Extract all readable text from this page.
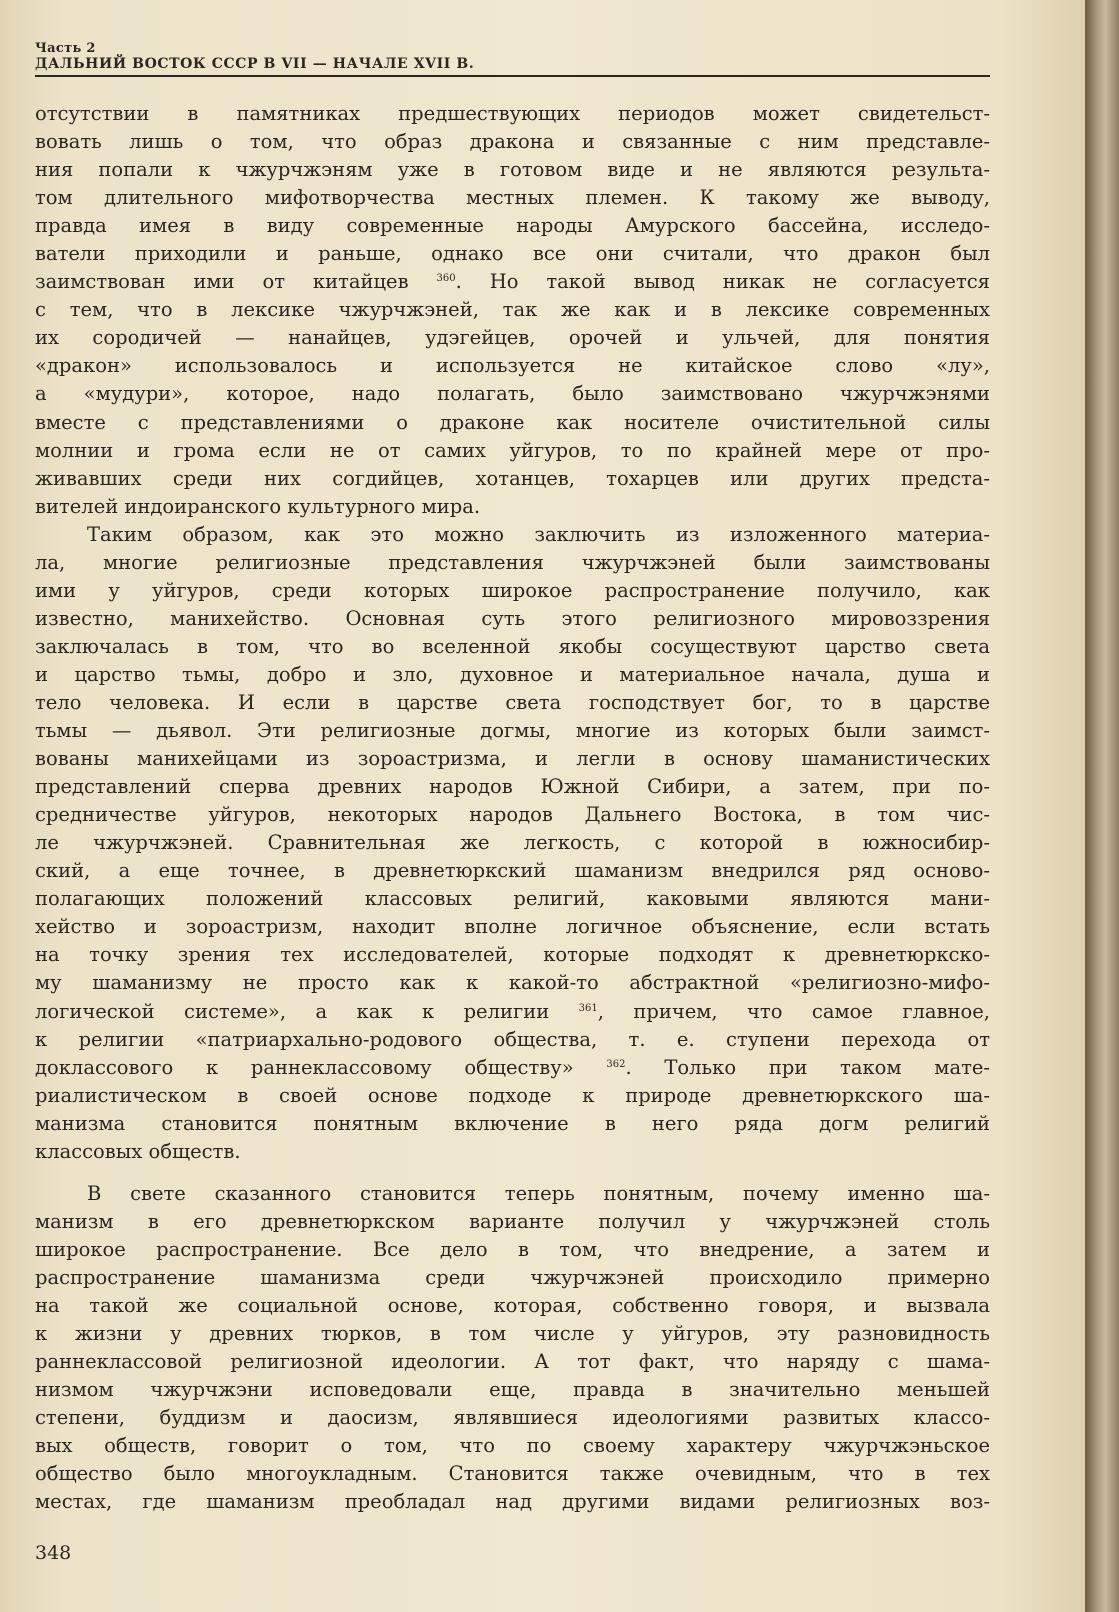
Часть 2
ДАЛЬНИЙ ВОСТОК СССР В VII — НАЧАЛЕ XVII В.

отсутствии в памятниках предшествующих периодов может свидетельст-
вовать лишь о том, что образ дракона и связанные с ним представле-
ния попали к чжурчжэням уже в готовом виде и не являются результа-
том длительного мифотворчества местных племен. К такому же выводу,
правда имея в виду современные народы Амурского бассейна, исследо-
ватели приходили и раньше, однако все они считали, что дракон был
заимствован ими от китайцев	$^{360}$. Но такой вывод никак не согласуется
с тем, что в лексике чжурчжэней, так же как и в лексике современных
их сородичей — нанайцев, удэгейцев, орочей и ульчей, для понятия
«дракон» использовалось и используется не китайское слово «лу»,
а «мудури», которое, надо полагать, было заимствовано чжурчжэнями
вместе с представлениями о драконе как носителе очистительной силы
молнии и грома если не от самих уйгуров, то по крайней мере от про-
живавших среди них согдийцев, хотанцев, тохарцев или других предста-
вителей индоиранского культурного мира.

Таким образом, как это можно заключить из изложенного материа-
ла, многие религиозные представления чжурчжэней были заимствованы
ими у уйгуров, среди которых широкое распространение получило, как
известно, манихейство. Основная суть этого религиозного мировоззрения
заключалась в том, что во вселенной якобы сосуществуют царство света
и царство тьмы, добро и зло, духовное и материальное начала, душа и
тело человека. И если в царстве света господствует бог, то в царстве
тьмы — дьявол. Эти религиозные догмы, многие из которых были заимст-
вованы манихейцами из зороастризма, и легли в основу шаманистических
представлений сперва древних народов Южной Сибири, а затем, при по-
средничестве уйгуров, некоторых народов Дальнего Востока, в том чис-
ле чжурчжэней. Сравнительная же легкость, с которой в южносибир-
ский, а еще точнее, в древнетюркский шаманизм внедрился ряд осново-
полагающих положений классовых религий, каковыми являются мани-
хейство и зороастризм, находит вполне логичное объяснение, если встать
на точку зрения тех исследователей, которые подходят к древнетюркско-
му шаманизму не просто как к какой-то абстрактной «религиозно-мифо-
логической системе», а как к религии	$^{361}$, причем, что самое главное,
к религии «патриархально-родового общества, т. е. ступени перехода от
доклассового к раннеклассовому обществу»	$^{362}$. Только при таком мате-
риалистическом в своей основе подходе к природе древнетюркского ша-
манизма становится понятным включение в него ряда догм религий
классовых обществ.

В свете сказанного становится теперь понятным, почему именно ша-
манизм в его древнетюркском варианте получил у чжурчжэней столь
широкое распространение. Все дело в том, что внедрение, а затем и
распространение шаманизма среди чжурчжэней происходило примерно
на такой же социальной основе, которая, собственно говоря, и вызвала
к жизни у древних тюрков, в том числе у уйгуров, эту разновидность
раннеклассовой религиозной идеологии. А тот факт, что наряду с шама-
низмом чжурчжэни исповедовали еще, правда в значительно меньшей
степени, буддизм и даосизм, являвшиеся идеологиями развитых классо-
вых обществ, говорит о том, что по своему характеру чжурчжэньское
общество было многоукладным. Становится также очевидным, что в тех
местах, где шаманизм преобладал над другими видами религиозных воз-

348
